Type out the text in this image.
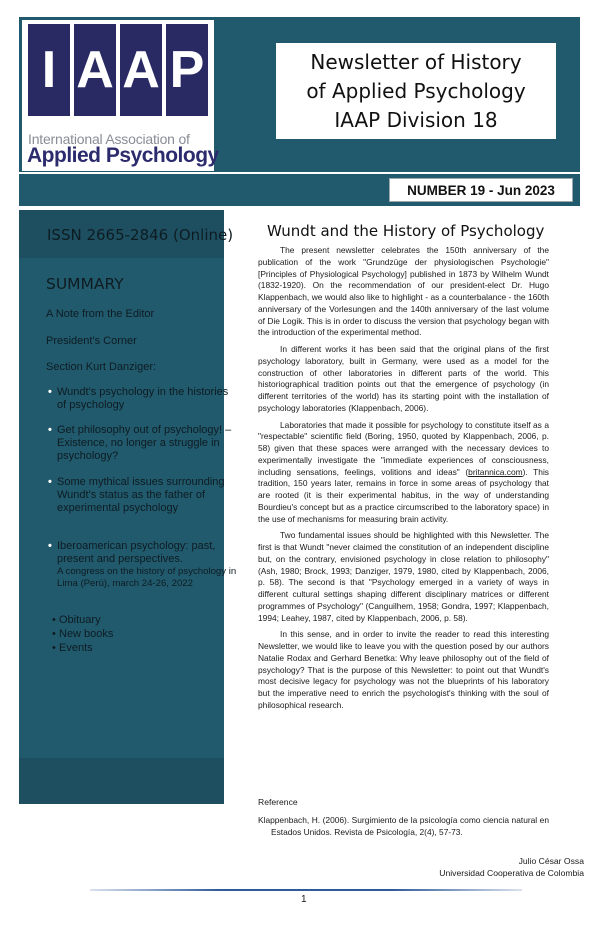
I A A P
International Association of
Applied Psychology
Newsletter of History
of Applied Psychology
IAAP Division 18
NUMBER 19 - Jun 2023
ISSN 2665-2846 (Online)
SUMMARY
A Note from the Editor
President's Corner
Section Kurt Danziger:
• Wundt's psychology in the histories of psychology
• Get philosophy out of psychology! – Existence, no longer a struggle in psychology?
• Some mythical issues surrounding Wundt's status as the father of experimental psychology
• Iberoamerican psychology: past, present and perspectives.
A congress on the history of psychology in Lima (Perú), march 24-26, 2022
• Obituary
• New books
• Events
Wundt and the History of Psychology

The present newsletter celebrates the 150th anniversary of the publication of the work "Grundzüge der physiologischen Psychologie" [Principles of Physiological Psychology] published in 1873 by Wilhelm Wundt (1832-1920). On the recommendation of our president-elect Dr. Hugo Klappenbach, we would also like to highlight - as a counterbalance - the 160th anniversary of the Vorlesungen and the 140th anniversary of the last volume of Die Logik. This is in order to discuss the version that psychology began with the introduction of the experimental method.

In different works it has been said that the original plans of the first psychology laboratory, built in Germany, were used as a model for the construction of other laboratories in different parts of the world. This historiographical tradition points out that the emergence of psychology (in different territories of the world) has its starting point with the installation of psychology laboratories (Klappenbach, 2006).

Laboratories that made it possible for psychology to constitute itself as a "respectable" scientific field (Boring, 1950, quoted by Klappenbach, 2006, p. 58) given that these spaces were arranged with the necessary devices to experimentally investigate the "immediate experiences of consciousness, including sensations, feelings, volitions and ideas" (britannica.com). This tradition, 150 years later, remains in force in some areas of psychology that are rooted (it is their experimental habitus, in the way of understanding Bourdieu's concept but as a practice circumscribed to the laboratory space) in the use of mechanisms for measuring brain activity.

Two fundamental issues should be highlighted with this Newsletter. The first is that Wundt "never claimed the constitution of an independent discipline but, on the contrary, envisioned psychology in close relation to philosophy" (Ash, 1980; Brock, 1993; Danziger, 1979, 1980, cited by Klappenbach, 2006, p. 58). The second is that "Psychology emerged in a variety of ways in different cultural settings shaping different disciplinary matrices or different programmes of Psychology" (Canguilhem, 1958; Gondra, 1997; Klappenbach, 1994; Leahey, 1987, cited by Klappenbach, 2006, p. 58).

In this sense, and in order to invite the reader to read this interesting Newsletter, we would like to leave you with the question posed by our authors Natalie Rodax and Gerhard Benetka: Why leave philosophy out of the field of psychology? That is the purpose of this Newsletter: to point out that Wundt's most decisive legacy for psychology was not the blueprints of his laboratory but the imperative need to enrich the psychologist's thinking with the soul of philosophical research.

Reference
Klappenbach, H. (2006). Surgimiento de la psicología como ciencia natural en Estados Unidos. Revista de Psicología, 2(4), 57-73.
Julio César Ossa
Universidad Cooperativa de Colombia
1
